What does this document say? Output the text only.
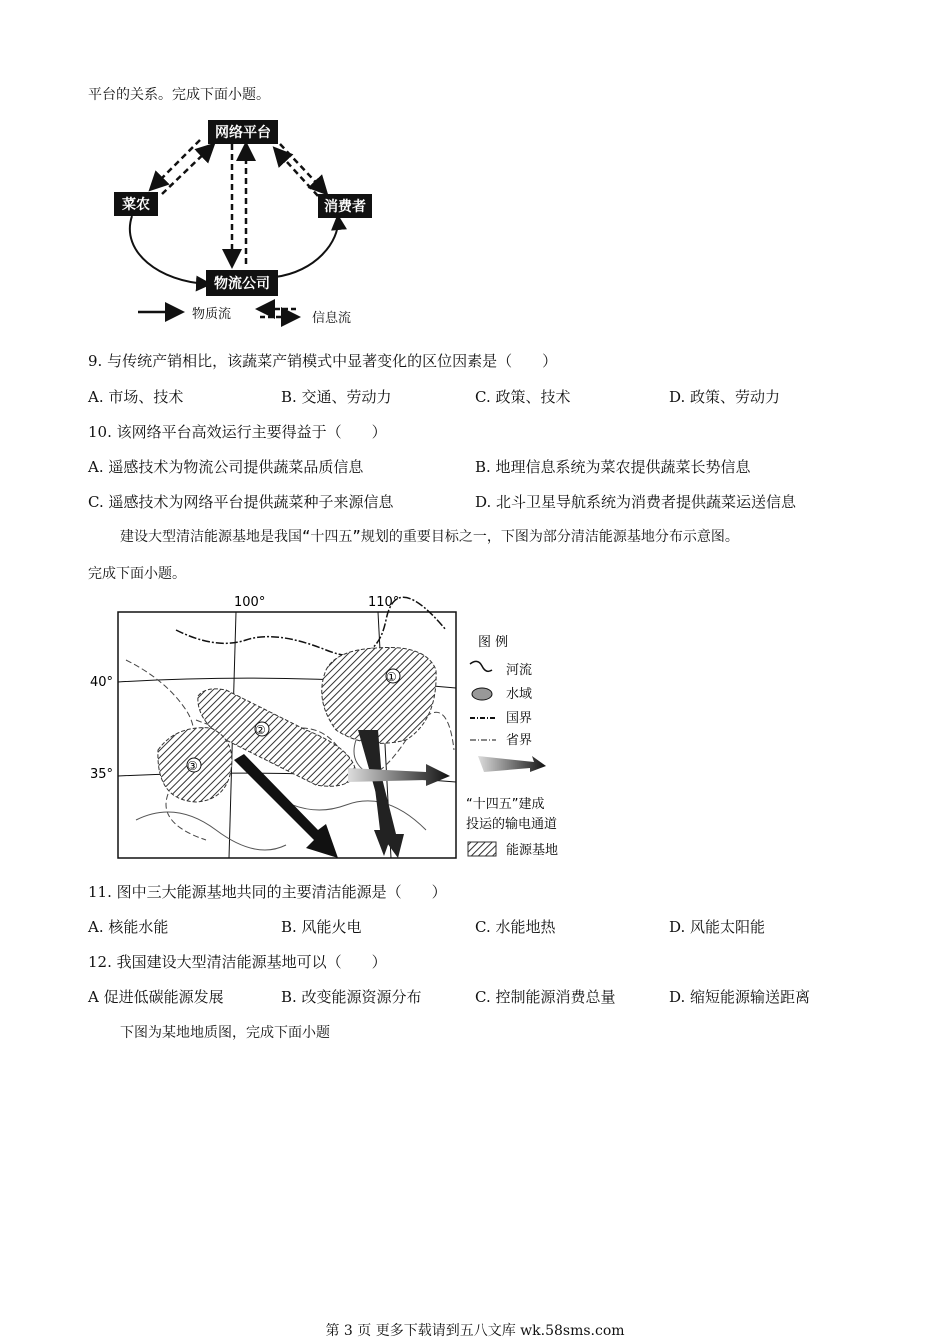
平台的关系。完成下面小题。
网络平台
菜农	消费者
物流公司
物质流	信息流
9. 与传统产销相比，该蔬菜产销模式中显著变化的区位因素是（　　）
A. 市场、技术	B. 交通、劳动力	C. 政策、技术	D. 政策、劳动力
10. 该网络平台高效运行主要得益于（　　）
A. 遥感技术为物流公司提供蔬菜品质信息	B. 地理信息系统为菜农提供蔬菜长势信息
C. 遥感技术为网络平台提供蔬菜种子来源信息	D. 北斗卫星导航系统为消费者提供蔬菜运送信息
建设大型清洁能源基地是我国“十四五”规划的重要目标之一，下图为部分清洁能源基地分布示意图。
完成下面小题。
100°	110°
40°
35°
①
②
③
图 例
河流
水域
国界
省界
“十四五”建成
投运的输电通道
能源基地
11. 图中三大能源基地共同的主要清洁能源是（　　）
A. 核能水能	B. 风能火电	C. 水能地热	D. 风能太阳能
12. 我国建设大型清洁能源基地可以（　　）
A 促进低碳能源发展	B. 改变能源资源分布	C. 控制能源消费总量	D. 缩短能源输送距离
下图为某地地质图，完成下面小题
第 3 页 更多下载请到五八文库 wk.58sms.com
